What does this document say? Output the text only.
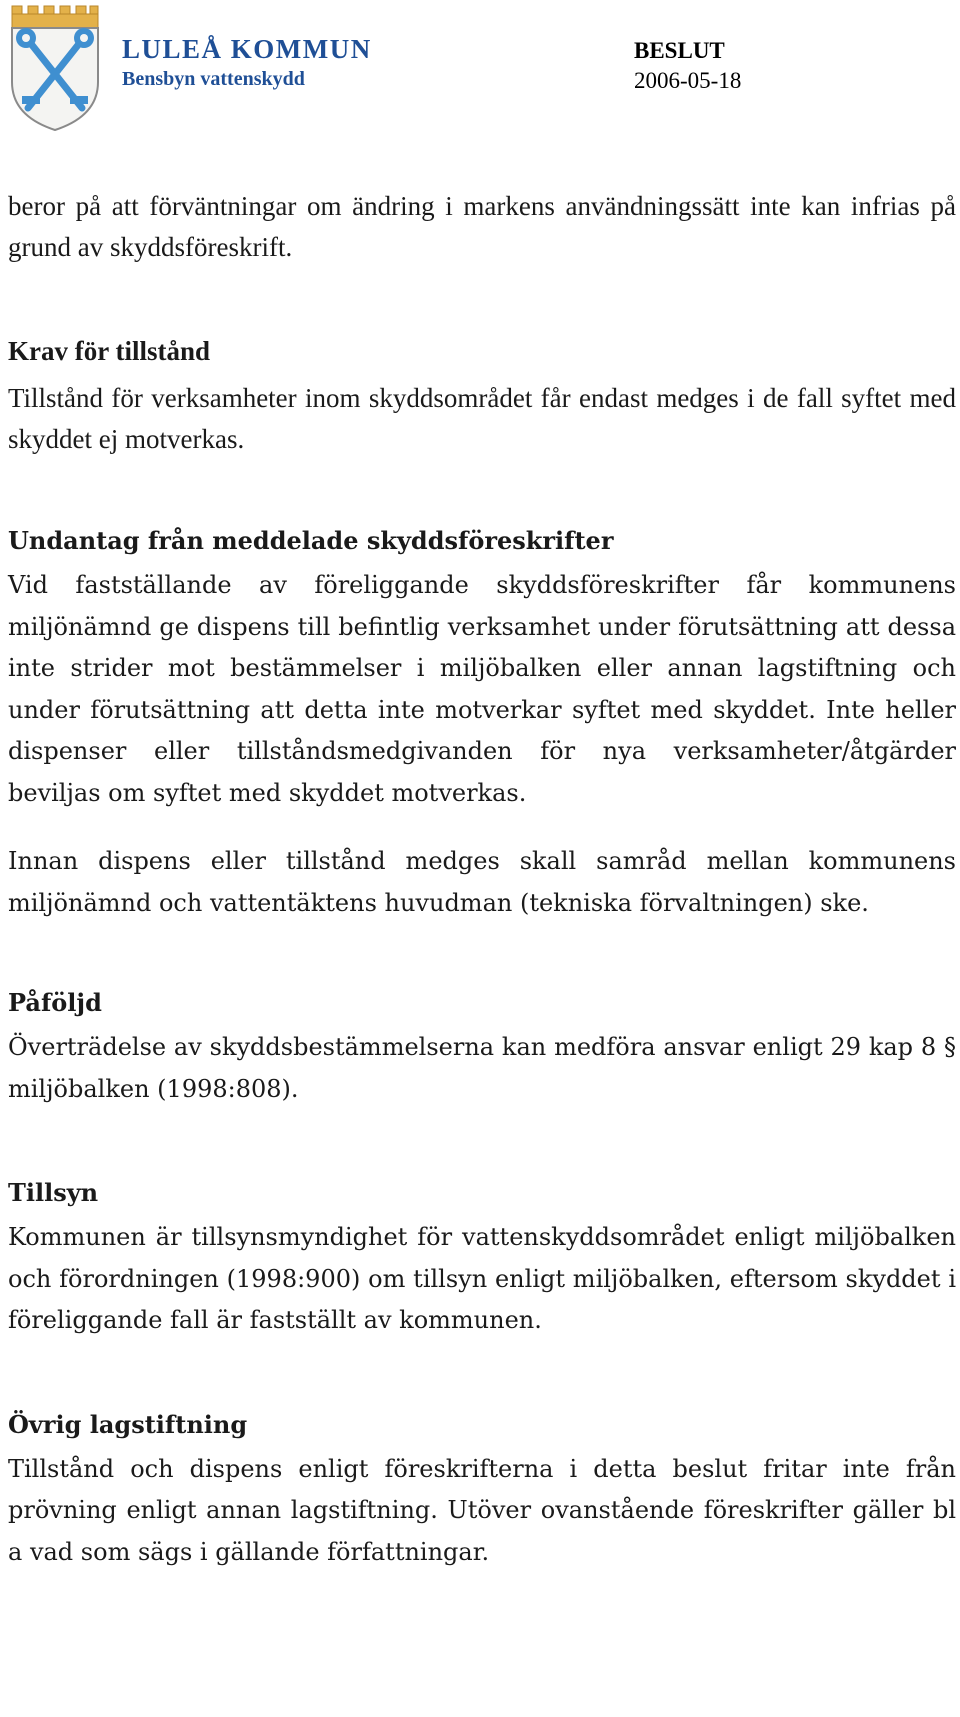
LULEÅ KOMMUN
Bensbyn vattenskydd
BESLUT
2006-05-18

beror på att förväntningar om ändring i markens användningssätt inte kan infrias på grund av skyddsföreskrift.

Krav för tillstånd

Tillstånd för verksamheter inom skyddsområdet får endast medges i de fall syftet med skyddet ej motverkas.

Undantag från meddelade skyddsföreskrifter

Vid fastställande av föreliggande skyddsföreskrifter får kommunens miljönämnd ge dispens till befintlig verksamhet under förutsättning att dessa inte strider mot bestämmelser i miljöbalken eller annan lagstiftning och under förutsättning att detta inte motverkar syftet med skyddet. Inte heller dispenser eller tillståndsmedgivanden för nya verksamheter/åtgärder beviljas om syftet med skyddet motverkas.

Innan dispens eller tillstånd medges skall samråd mellan kommunens miljönämnd och vattentäktens huvudman (tekniska förvaltningen) ske.

Påföljd

Överträdelse av skyddsbestämmelserna kan medföra ansvar enligt 29 kap 8 § miljöbalken (1998:808).

Tillsyn

Kommunen är tillsynsmyndighet för vattenskyddsområdet enligt miljöbalken och förordningen (1998:900) om tillsyn enligt miljöbalken, eftersom skyddet i föreliggande fall är fastställt av kommunen.

Övrig lagstiftning

Tillstånd och dispens enligt föreskrifterna i detta beslut fritar inte från prövning enligt annan lagstiftning. Utöver ovanstående föreskrifter gäller bl a vad som sägs i gällande författningar.
